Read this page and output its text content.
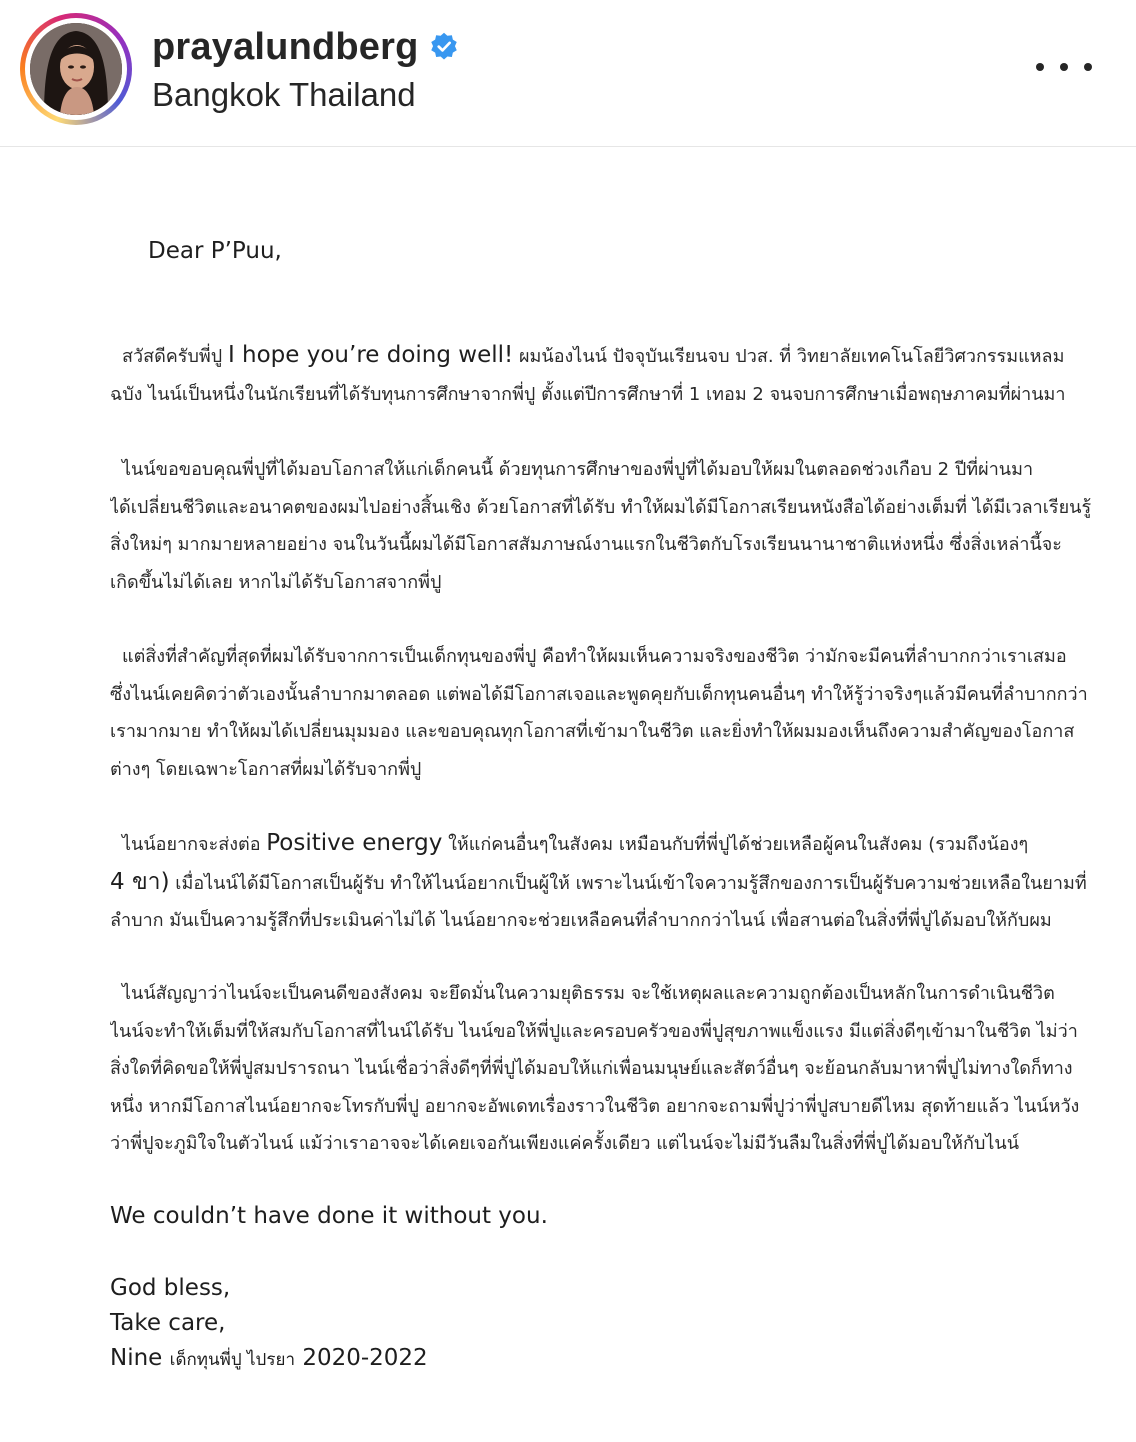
prayalundberg
Bangkok Thailand
Dear P’Puu,

สวัสดีครับพี่ปู I hope you’re doing well! ผมน้องไนน์ ปัจจุบันเรียนจบ ปวส. ที่ วิทยาลัยเทคโนโลยีวิศวกรรมแหลม
ฉบัง ไนน์เป็นหนึ่งในนักเรียนที่ได้รับทุนการศึกษาจากพี่ปู ตั้งแต่ปีการศึกษาที่ 1 เทอม 2 จนจบการศึกษาเมื่อพฤษภาคมที่ผ่านมา

ไนน์ขอขอบคุณพี่ปูที่ได้มอบโอกาสให้แก่เด็กคนนี้ ด้วยทุนการศึกษาของพี่ปูที่ได้มอบให้ผมในตลอดช่วงเกือบ 2 ปีที่ผ่านมา
ได้เปลี่ยนชีวิตและอนาคตของผมไปอย่างสิ้นเชิง ด้วยโอกาสที่ได้รับ ทำให้ผมได้มีโอกาสเรียนหนังสือได้อย่างเต็มที่ ได้มีเวลาเรียนรู้
สิ่งใหม่ๆ มากมายหลายอย่าง จนในวันนี้ผมได้มีโอกาสสัมภาษณ์งานแรกในชีวิตกับโรงเรียนนานาชาติแห่งหนึ่ง ซึ่งสิ่งเหล่านี้จะ
เกิดขึ้นไม่ได้เลย หากไม่ได้รับโอกาสจากพี่ปู

แต่สิ่งที่สำคัญที่สุดที่ผมได้รับจากการเป็นเด็กทุนของพี่ปู คือทำให้ผมเห็นความจริงของชีวิต ว่ามักจะมีคนที่ลำบากกว่าเราเสมอ
ซึ่งไนน์เคยคิดว่าตัวเองนั้นลำบากมาตลอด แต่พอได้มีโอกาสเจอและพูดคุยกับเด็กทุนคนอื่นๆ ทำให้รู้ว่าจริงๆแล้วมีคนที่ลำบากกว่า
เรามากมาย ทำให้ผมได้เปลี่ยนมุมมอง และขอบคุณทุกโอกาสที่เข้ามาในชีวิต และยิ่งทำให้ผมมองเห็นถึงความสำคัญของโอกาส
ต่างๆ โดยเฉพาะโอกาสที่ผมได้รับจากพี่ปู

ไนน์อยากจะส่งต่อ Positive energy ให้แก่คนอื่นๆในสังคม เหมือนกับที่พี่ปูได้ช่วยเหลือผู้คนในสังคม (รวมถึงน้องๆ
4 ขา) เมื่อไนน์ได้มีโอกาสเป็นผู้รับ ทำให้ไนน์อยากเป็นผู้ให้ เพราะไนน์เข้าใจความรู้สึกของการเป็นผู้รับความช่วยเหลือในยามที่
ลำบาก มันเป็นความรู้สึกที่ประเมินค่าไม่ได้ ไนน์อยากจะช่วยเหลือคนที่ลำบากกว่าไนน์ เพื่อสานต่อในสิ่งที่พี่ปูได้มอบให้กับผม

ไนน์สัญญาว่าไนน์จะเป็นคนดีของสังคม จะยึดมั่นในความยุติธรรม จะใช้เหตุผลและความถูกต้องเป็นหลักในการดำเนินชีวิต
ไนน์จะทำให้เต็มที่ให้สมกับโอกาสที่ไนน์ได้รับ ไนน์ขอให้พี่ปูและครอบครัวของพี่ปูสุขภาพแข็งแรง มีแต่สิ่งดีๆเข้ามาในชีวิต ไม่ว่า
สิ่งใดที่คิดขอให้พี่ปูสมปรารถนา ไนน์เชื่อว่าสิ่งดีๆที่พี่ปูได้มอบให้แก่เพื่อนมนุษย์และสัตว์อื่นๆ จะย้อนกลับมาหาพี่ปูไม่ทางใดก็ทาง
หนึ่ง หากมีโอกาสไนน์อยากจะโทรกับพี่ปู อยากจะอัพเดทเรื่องราวในชีวิต อยากจะถามพี่ปูว่าพี่ปูสบายดีไหม สุดท้ายแล้ว ไนน์หวัง
ว่าพี่ปูจะภูมิใจในตัวไนน์ แม้ว่าเราอาจจะได้เคยเจอกันเพียงแค่ครั้งเดียว แต่ไนน์จะไม่มีวันลืมในสิ่งที่พี่ปูได้มอบให้กับไนน์

We couldn’t have done it without you.
God bless,
Take care,
Nine เด็กทุนพี่ปู ไปรยา 2020-2022
